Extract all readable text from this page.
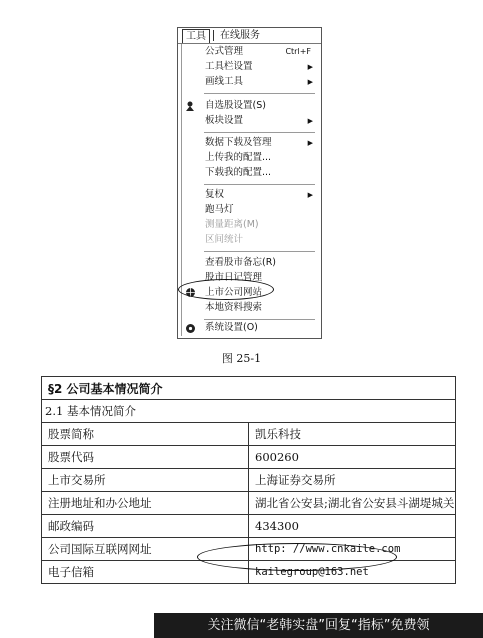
工具	在线服务
公式管理	Ctrl+F
工具栏设置	▶
画线工具	▶
自选股设置(S)
板块设置	▶
数据下载及管理	▶
上传我的配置...
下载我的配置...
复权	▶
跑马灯
测量距离(M)
区间统计
查看股市备忘(R)
股市日记管理
上市公司网站
本地资料搜索
系统设置(O)
图 25-1
§2 公司基本情况简介	
2.1 基本情况简介	
股票简称	凯乐科技
股票代码	600260
上市交易所	上海证券交易所
注册地址和办公地址	湖北省公安县;湖北省公安县斗湖堤城关
邮政编码	434300
公司国际互联网网址	http: //www.cnkaile.com
电子信箱	kailegroup@163.net
关注微信“老韩实盘”回复“指标”免费领
